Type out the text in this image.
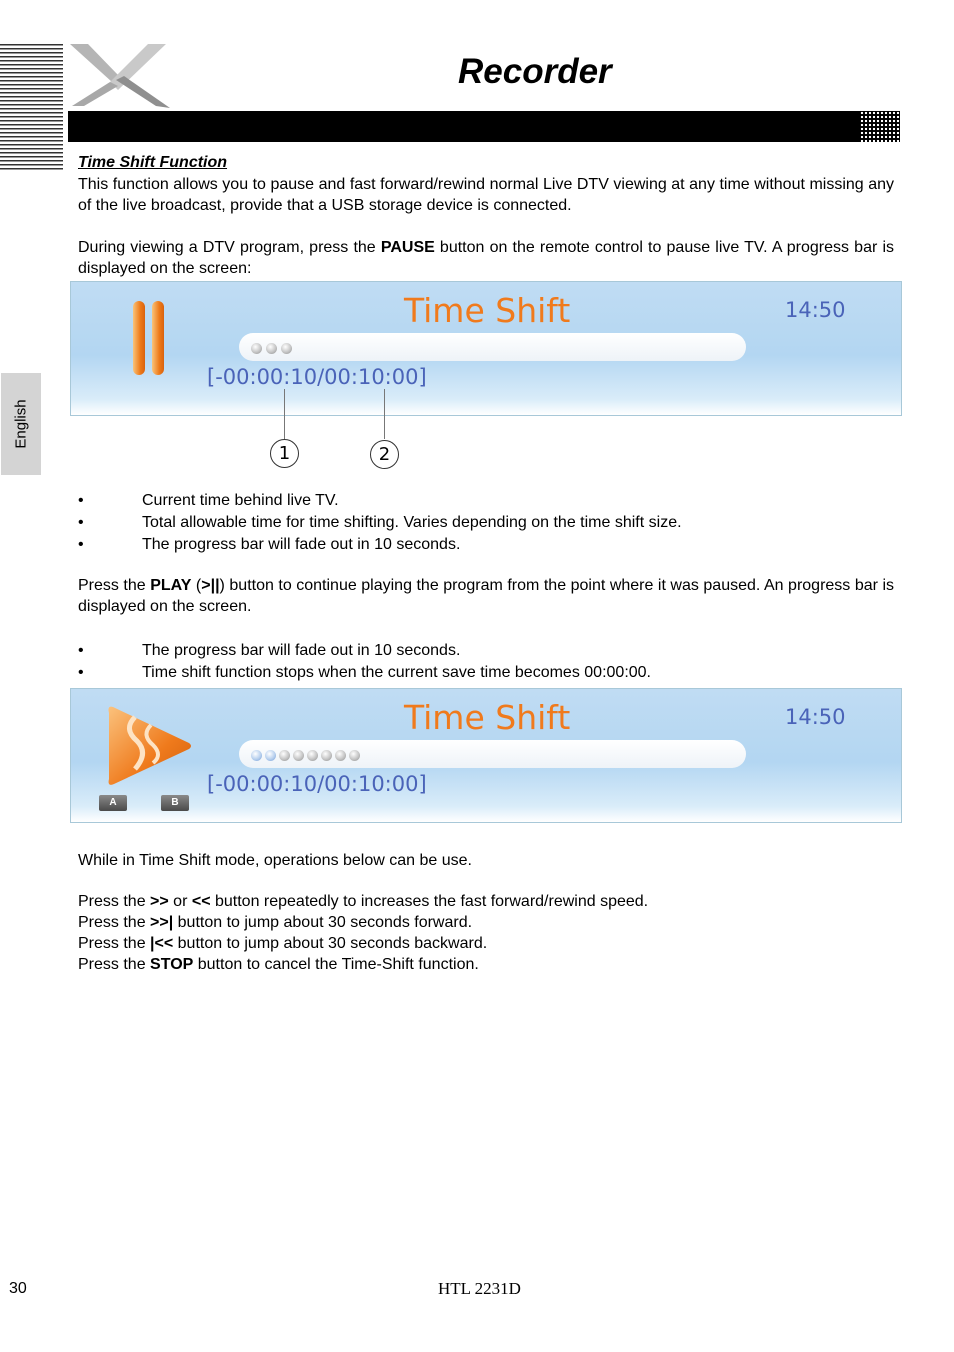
Recorder
English
Time Shift Function
This function allows you to pause and fast forward/rewind normal Live DTV viewing at any time without missing any of the live broadcast, provide that a USB storage device is connected.
During viewing a DTV program, press the PAUSE button on the remote control to pause live TV. A progress bar is displayed on the screen:
Time Shift	14:50
[-00:00:10/00:10:00]
1	2
•	Current time behind live TV.
•	Total allowable time for time shifting. Varies depending on the time shift size.
•	The progress bar will fade out in 10 seconds.
Press the PLAY (>||) button to continue playing the program from the point where it was paused. An progress bar is displayed on the screen.
•	The progress bar will fade out in 10 seconds.
•	Time shift function stops when the current save time becomes 00:00:00.
A	B
Time Shift	14:50
[-00:00:10/00:10:00]
While in Time Shift mode, operations below can be use.
Press the >> or << button repeatedly to increases the fast forward/rewind speed.
Press the >>| button to jump about 30 seconds forward.
Press the |<< button to jump about 30 seconds backward.
Press the STOP button to cancel the Time-Shift function.
30	HTL 2231D
